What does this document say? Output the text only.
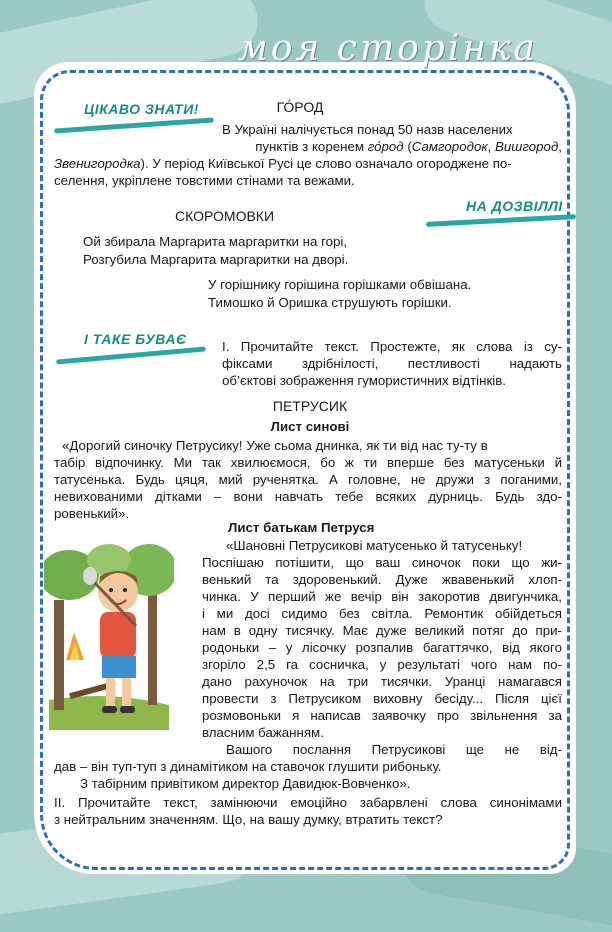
моя сторінка
ЦІКАВО ЗНАТИ!
НА ДОЗВІЛЛІ
І ТАКЕ БУВАЄ
ГО́РОД
В Україні налічується понад 50 назв населених
пунктів з коренем го́род (Самгородок, Вишгород,
Звенигородка). У період Київської Русі це слово означало огороджене по-
селення, укріплене товстими стінами та вежами.
СКОРОМОВКИ
Ой збирала Маргарита маргаритки на горі,
Розгубила Маргарита маргаритки на дворі.
У горішнику горішина горішками обвішана.
Тимошко й Оришка струшують горішки.
І. Прочитайте текст. Простежте, як слова із су-
фіксами здрібнілості, пестливості надають
об’єктові зображення гумористичних відтінків.
ПЕТРУСИК
Лист синові
«Дорогий синочку Петрусику! Уже сьома днинка, як ти від нас ту-ту в
табір відпочинку. Ми так хвилюємося, бо ж ти вперше без матусеньки й
татусенька. Будь цяця, мий рученятка. А головне, не дружи з поганими,
невихованими дітками – вони навчать тебе всяких дурниць. Будь здо-
ровенький».
Лист батькам Петруся
«Шановні Петрусикові матусенько й татусеньку!
Поспішаю потішити, що ваш синочок поки що жи-
венький та здоровенький. Дуже жвавенький хлоп-
чинка. У перший же вечір він закоротив двигунчика,
і ми досі сидимо без світла. Ремонтик обійдеться
нам в одну тисячку. Має дуже великий потяг до при-
родоньки – у лісочку розпалив багаттячко, від якого
згоріло 2,5 га сосничка, у результаті чого нам по-
дано рахуночок на три тисячки. Уранці намагався
провести з Петрусиком виховну бесіду... Після цієї
розмовоньки я написав заявочку про звільнення за
власним бажанням.
Вашого послання Петрусикові ще не від-
дав – він туп-туп з динамітиком на ставочок глушити рибоньку.
З табірним привітиком директор Давидюк-Вовченко».
ІІ. Прочитайте текст, замінюючи емоційно забарвлені слова синонімами
з нейтральним значенням. Що, на вашу думку, втратить текст?
